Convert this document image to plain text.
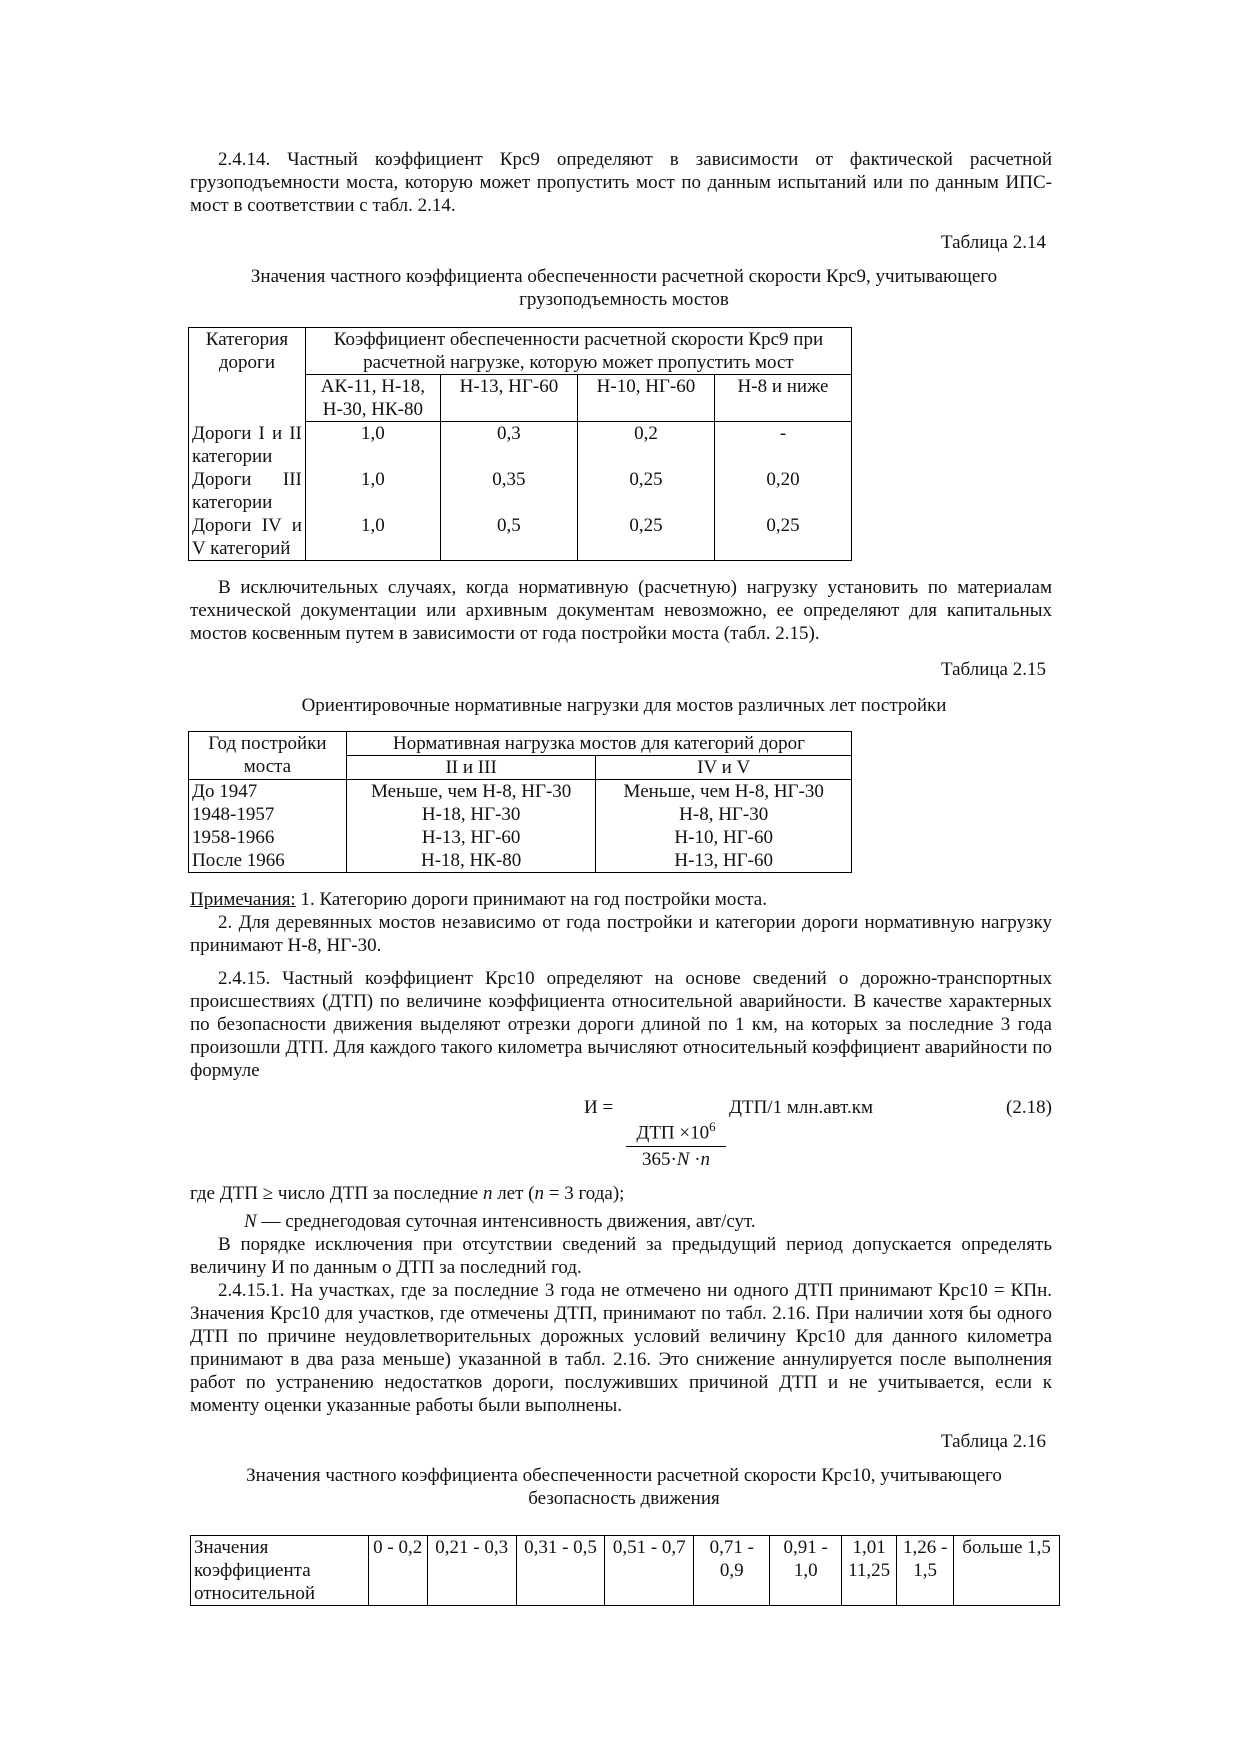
2.4.14. Частный коэффициент Крс9 определяют в зависимости от фактической расчетной грузоподъемности моста, которую может пропустить мост по данным испытаний или по данным ИПС-мост в соответствии с табл. 2.14.
Таблица 2.14
Значения частного коэффициента обеспеченности расчетной скорости Крс9, учитывающего грузоподъемность мостов
Категория дороги	Коэффициент обеспеченности расчетной скорости Крс9 при расчетной нагрузке, которую может пропустить мост			
	АК-11, Н-18, Н-30, НК-80	Н-13, НГ-60	Н-10, НГ-60	Н-8 и ниже
Дороги I и II категории	1,0	0,3	0,2	-
Дороги III категории	1,0	0,35	0,25	0,20
Дороги IV и V категорий	1,0	0,5	0,25	0,25
В исключительных случаях, когда нормативную (расчетную) нагрузку установить по материалам технической документации или архивным документам невозможно, ее определяют для капитальных мостов косвенным путем в зависимости от года постройки моста (табл. 2.15).
Таблица 2.15
Ориентировочные нормативные нагрузки для мостов различных лет постройки
Год постройки моста	Нормативная нагрузка мостов для категорий дорог	
	II и III	IV и V
До 1947	Меньше, чем Н-8, НГ-30	Меньше, чем Н-8, НГ-30
1948-1957	Н-18, НГ-30	Н-8, НГ-30
1958-1966	Н-13, НГ-60	Н-10, НГ-60
После 1966	Н-18, НК-80	Н-13, НГ-60
Примечания: 1. Категорию дороги принимают на год постройки моста.
2. Для деревянных мостов независимо от года постройки и категории дороги нормативную нагрузку принимают Н-8, НГ-30.
2.4.15. Частный коэффициент Крс10 определяют на основе сведений о дорожно-транспортных происшествиях (ДТП) по величине коэффициента относительной аварийности. В качестве характерных по безопасности движения выделяют отрезки дороги длиной по 1 км, на которых за последние 3 года произошли ДТП. Для каждого такого километра вычисляют относительный коэффициент аварийности по формуле
И =	ДТП/1 млн.авт.км	(2.18)
ДТП $\times 10^6$
365·N ·n
где ДТП ≥ число ДТП за последние n лет (n = 3 года);
N — среднегодовая суточная интенсивность движения, авт/сут.
В порядке исключения при отсутствии сведений за предыдущий период допускается определять величину И по данным о ДТП за последний год.
2.4.15.1. На участках, где за последние 3 года не отмечено ни одного ДТП принимают Крс10 = КПн. Значения Крс10 для участков, где отмечены ДТП, принимают по табл. 2.16. При наличии хотя бы одного ДТП по причине неудовлетворительных дорожных условий величину Крс10 для данного километра принимают в два раза меньше) указанной в табл. 2.16. Это снижение аннулируется после выполнения работ по устранению недостатков дороги, послуживших причиной ДТП и не учитывается, если к моменту оценки указанные работы были выполнены.
Таблица 2.16
Значения частного коэффициента обеспеченности расчетной скорости Крс10, учитывающего безопасность движения
Значения коэффициента относительной	0 - 0,2	0,21 - 0,3	0,31 - 0,5	0,51 - 0,7	0,71 - 0,9	0,91 - 1,0	1,01 11,25	1,26 - 1,5	больше 1,5
